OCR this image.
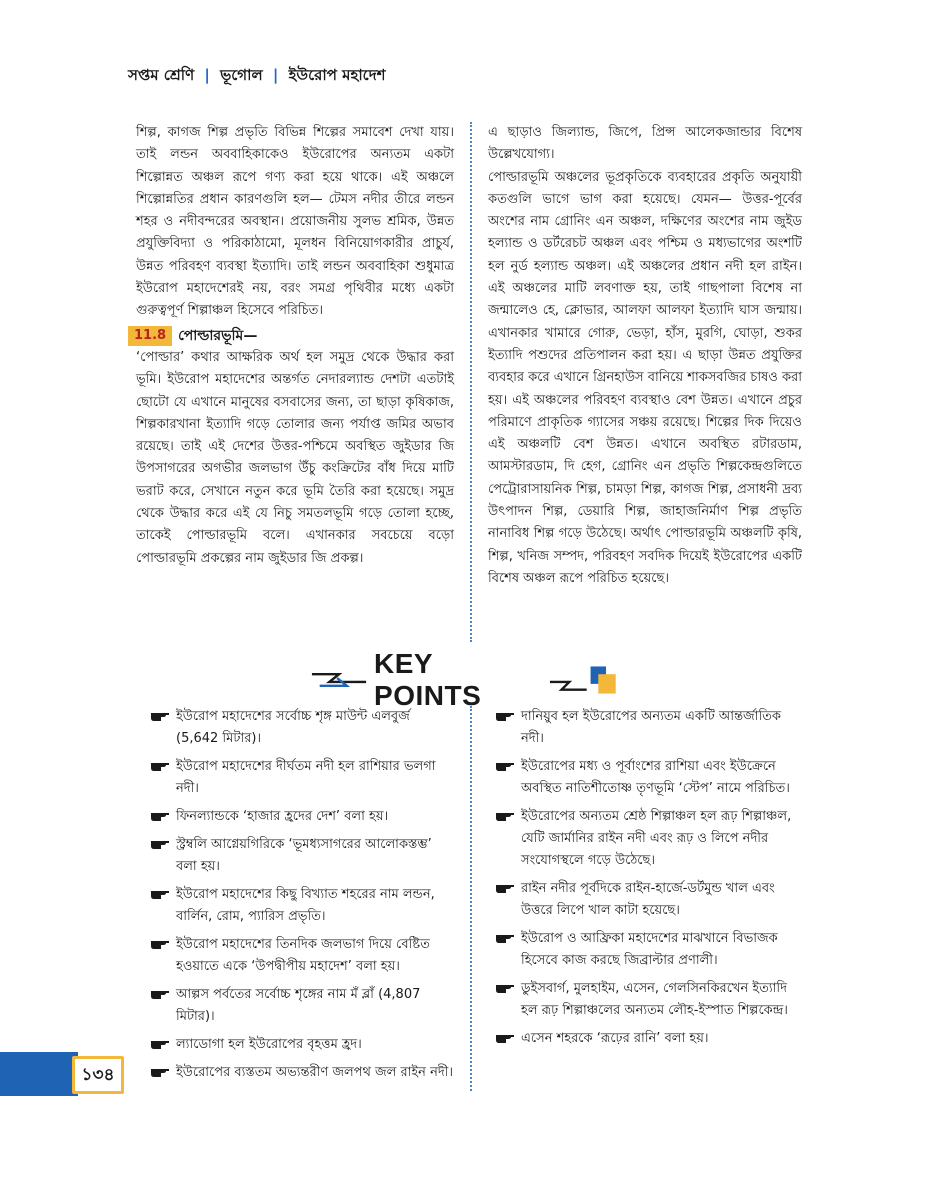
সপ্তম শ্রেণি | ভূগোল | ইউরোপ মহাদেশ

শিল্প, কাগজ শিল্প প্রভৃতি বিভিন্ন শিল্পের সমাবেশ দেখা যায়। তাই লন্ডন অববাহিকাকেও ইউরোপের অন্যতম একটা শিল্পোন্নত অঞ্চল রূপে গণ্য করা হয়ে থাকে। এই অঞ্চলে শিল্পোন্নতির প্রধান কারণগুলি হল— টেমস নদীর তীরে লন্ডন শহর ও নদীবন্দরের অবস্থান। প্রয়োজনীয় সুলভ শ্রমিক, উন্নত প্রযুক্তিবিদ্যা ও পরিকাঠামো, মূলধন বিনিয়োগকারীর প্রাচুর্য, উন্নত পরিবহণ ব্যবস্থা ইত্যাদি। তাই লন্ডন অববাহিকা শুধুমাত্র ইউরোপ মহাদেশেরই নয়, বরং সমগ্র পৃথিবীর মধ্যে একটা গুরুত্বপূর্ণ শিল্পাঞ্চল হিসেবে পরিচিত।

11.8 পোল্ডারভূমি—

‘পোল্ডার’ কথার আক্ষরিক অর্থ হল সমুদ্র থেকে উদ্ধার করা ভূমি। ইউরোপ মহাদেশের অন্তর্গত নেদারল্যান্ড দেশটা এতটাই ছোটো যে এখানে মানুষের বসবাসের জন্য, তা ছাড়া কৃষিকাজ, শিল্পকারখানা ইত্যাদি গড়ে তোলার জন্য পর্যাপ্ত জমির অভাব রয়েছে। তাই এই দেশের উত্তর-পশ্চিমে অবস্থিত জুইডার জি উপসাগরের অগভীর জলভাগ উঁচু কংক্রিটের বাঁধ দিয়ে মাটি ভরাট করে, সেখানে নতুন করে ভূমি তৈরি করা হয়েছে। সমুদ্র থেকে উদ্ধার করে এই যে নিচু সমতলভূমি গড়ে তোলা হচ্ছে, তাকেই পোল্ডারভূমি বলে। এখানকার সবচেয়ে বড়ো পোল্ডারভূমি প্রকল্পের নাম জুইডার জি প্রকল্প।

এ ছাড়াও জিল্যান্ড, জিপে, প্রিন্স আলেকজান্ডার বিশেষ উল্লেখযোগ্য।

পোল্ডারভূমি অঞ্চলের ভূপ্রকৃতিকে ব্যবহারের প্রকৃতি অনুযায়ী কতগুলি ভাগে ভাগ করা হয়েছে। যেমন— উত্তর-পূর্বের অংশের নাম গ্রোনিং এন অঞ্চল, দক্ষিণের অংশের নাম জুইড হল্যান্ড ও ডর্টরেচট অঞ্চল এবং পশ্চিম ও মধ্যভাগের অংশটি হল নুর্ড হল্যান্ড অঞ্চল। এই অঞ্চলের প্রধান নদী হল রাইন। এই অঞ্চলের মাটি লবণাক্ত হয়, তাই গাছপালা বিশেষ না জন্মালেও হে, ক্লোভার, আলফা আলফা ইত্যাদি ঘাস জন্মায়। এখানকার খামারে গোরু, ভেড়া, হাঁস, মুরগি, ঘোড়া, শুকর ইত্যাদি পশুদের প্রতিপালন করা হয়। এ ছাড়া উন্নত প্রযুক্তির ব্যবহার করে এখানে গ্রিনহাউস বানিয়ে শাকসবজির চাষও করা হয়। এই অঞ্চলের পরিবহণ ব্যবস্থাও বেশ উন্নত। এখানে প্রচুর পরিমাণে প্রাকৃতিক গ্যাসের সঞ্চয় রয়েছে। শিল্পের দিক দিয়েও এই অঞ্চলটি বেশ উন্নত। এখানে অবস্থিত রটারডাম, আমস্টারডাম, দি হেগ, গ্রোনিং এন প্রভৃতি শিল্পকেন্দ্রগুলিতে পেট্রোরাসায়নিক শিল্প, চামড়া শিল্প, কাগজ শিল্প, প্রসাধনী দ্রব্য উৎপাদন শিল্প, ডেয়ারি শিল্প, জাহাজনির্মাণ শিল্প প্রভৃতি নানাবিধ শিল্প গড়ে উঠেছে। অর্থাৎ পোল্ডারভূমি অঞ্চলটি কৃষি, শিল্প, খনিজ সম্পদ, পরিবহণ সবদিক দিয়েই ইউরোপের একটি বিশেষ অঞ্চল রূপে পরিচিত হয়েছে।

KEY POINTS
ইউরোপ মহাদেশের সর্বোচ্চ শৃঙ্গ মাউন্ট এলবুর্জ (5,642 মিটার)।
ইউরোপ মহাদেশের দীর্ঘতম নদী হল রাশিয়ার ভলগা নদী।
ফিনল্যান্ডকে ‘হাজার হ্রদের দেশ’ বলা হয়।
স্ট্রম্বলি আগ্নেয়গিরিকে ‘ভূমধ্যসাগরের আলোকস্তম্ভ’ বলা হয়।
ইউরোপ মহাদেশের কিছু বিখ্যাত শহরের নাম লন্ডন, বার্লিন, রোম, প্যারিস প্রভৃতি।
ইউরোপ মহাদেশের তিনদিক জলভাগ দিয়ে বেষ্টিত হওয়াতে একে ‘উপদ্বীপীয় মহাদেশ’ বলা হয়।
আল্পস পর্বতের সর্বোচ্চ শৃঙ্গের নাম মঁ ব্লাঁ (4,807 মিটার)।
ল্যাডোগা হল ইউরোপের বৃহত্তম হ্রদ।
ইউরোপের ব্যস্ততম অভ্যন্তরীণ জলপথ জল রাইন নদী।
দানিয়ুব হল ইউরোপের অন্যতম একটি আন্তর্জাতিক নদী।
ইউরোপের মধ্য ও পূর্বাংশের রাশিয়া এবং ইউক্রেনে অবস্থিত নাতিশীতোষ্ণ তৃণভূমি ‘স্টেপ’ নামে পরিচিত।
ইউরোপের অন্যতম শ্রেষ্ঠ শিল্পাঞ্চল হল রূঢ় শিল্পাঞ্চল, যেটি জার্মানির রাইন নদী এবং রূঢ় ও লিপে নদীর সংযোগস্থলে গড়ে উঠেছে।
রাইন নদীর পূর্বদিকে রাইন-হার্জে-ডর্টমুন্ড খাল এবং উত্তরে লিপে খাল কাটা হয়েছে।
ইউরোপ ও আফ্রিকা মহাদেশের মাঝখানে বিভাজক হিসেবে কাজ করছে জিব্রাল্টার প্রণালী।
ডুইসবার্গ, মুলহাইম, এসেন, গেলসিনকিরখেন ইত্যাদি হল রূঢ় শিল্পাঞ্চলের অন্যতম লৌহ-ইস্পাত শিল্পকেন্দ্র।
এসেন শহরকে ‘রূঢ়ের রানি’ বলা হয়।
১৩৪
